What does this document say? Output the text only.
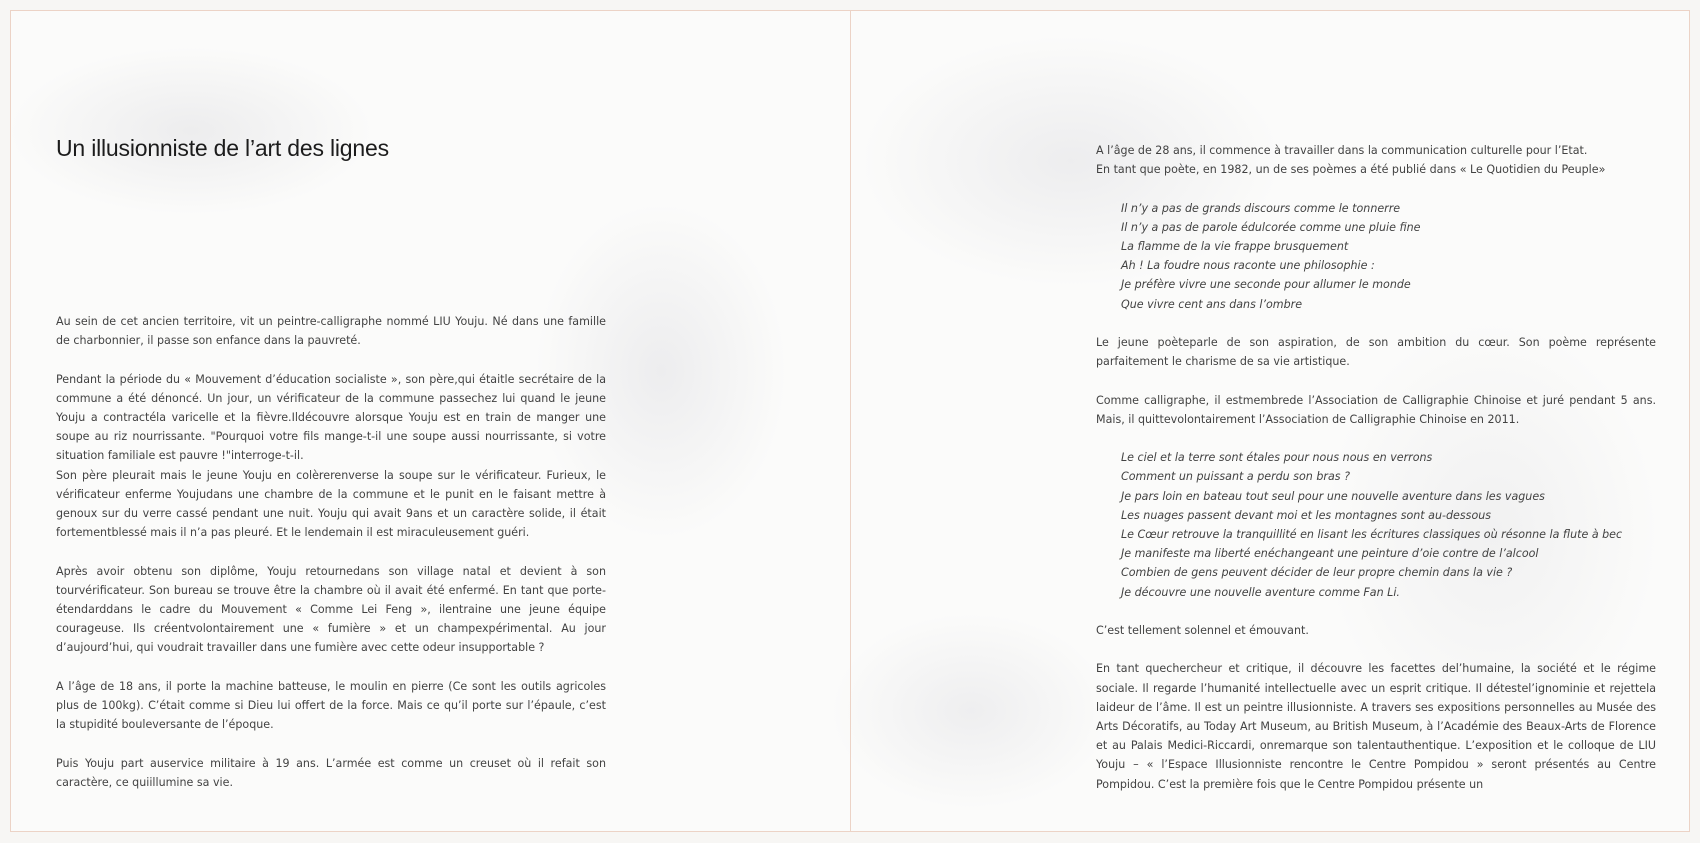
Un illusionniste de l’art des lignes

Au sein de cet ancien territoire, vit un peintre-calligraphe nommé LIU Youju. Né dans une famille de charbonnier, il passe son enfance dans la pauvreté.

Pendant la période du « Mouvement d’éducation socialiste », son père,qui étaitle secrétaire de la commune a été dénoncé. Un jour, un vérificateur de la commune passechez lui quand le jeune Youju a contractéla varicelle et la fièvre.Ildécouvre alorsque Youju est en train de manger une soupe au riz nourrissante. "Pourquoi votre fils mange-t-il une soupe aussi nourrissante, si votre situation familiale est pauvre !"interroge-t-il.

Son père pleurait mais le jeune Youju en colèrerenverse la soupe sur le vérificateur. Furieux, le vérificateur enferme Youjudans une chambre de la commune et le punit en le faisant mettre à genoux sur du verre cassé pendant une nuit. Youju qui avait 9ans et un caractère solide, il était fortementblessé mais il n’a pas pleuré. Et le lendemain il est miraculeusement guéri.

Après avoir obtenu son diplôme, Youju retournedans son village natal et devient à son tourvérificateur. Son bureau se trouve être la chambre où il avait été enfermé. En tant que porte-étendarddans le cadre du Mouvement « Comme Lei Feng », ilentraine une jeune équipe courageuse. Ils créentvolontairement une « fumière » et un champexpérimental. Au jour d’aujourd’hui, qui voudrait travailler dans une fumière avec cette odeur insupportable ?

A l’âge de 18 ans, il porte la machine batteuse, le moulin en pierre (Ce sont les outils agricoles plus de 100kg). C’était comme si Dieu lui offert de la force. Mais ce qu’il porte sur l’épaule, c’est la stupidité bouleversante de l’époque.

Puis Youju part auservice militaire à 19 ans. L’armée est comme un creuset où il refait son caractère, ce quiillumine sa vie.

A l’âge de 28 ans, il commence à travailler dans la communication culturelle pour l’Etat.
En tant que poète, en 1982, un de ses poèmes a été publié dans « Le Quotidien du Peuple»

Il n’y a pas de grands discours comme le tonnerre
Il n’y a pas de parole édulcorée comme une pluie fine
La flamme de la vie frappe brusquement
Ah ! La foudre nous raconte une philosophie :
Je préfère vivre une seconde pour allumer le monde
Que vivre cent ans dans l’ombre

Le jeune poèteparle de son aspiration, de son ambition du cœur. Son poème représente parfaitement le charisme de sa vie artistique.

Comme calligraphe, il estmembrede l’Association de Calligraphie Chinoise et juré pendant 5 ans. Mais, il quittevolontairement l’Association de Calligraphie Chinoise en 2011.

Le ciel et la terre sont étales pour nous nous en verrons
Comment un puissant a perdu son bras ?
Je pars loin en bateau tout seul pour une nouvelle aventure dans les vagues
Les nuages passent devant moi et les montagnes sont au-dessous
Le Cœur retrouve la tranquillité en lisant les écritures classiques où résonne la flute à bec
Je manifeste ma liberté enéchangeant une peinture d’oie contre de l’alcool
Combien de gens peuvent décider de leur propre chemin dans la vie ?
Je découvre une nouvelle aventure comme Fan Li.

C’est tellement solennel et émouvant.

En tant quechercheur et critique, il découvre les facettes del’humaine, la société et le régime sociale. Il regarde l’humanité intellectuelle avec un esprit critique. Il détestel’ignominie et rejettela laideur de l’âme. Il est un peintre illusionniste. A travers ses expositions personnelles au Musée des Arts Décoratifs, au Today Art Museum, au British Museum, à l’Académie des Beaux-Arts de Florence et au Palais Medici-Riccardi, onremarque son talentauthentique. L’exposition et le colloque de LIU Youju – « l’Espace Illusionniste rencontre le Centre Pompidou » seront présentés au Centre Pompidou. C’est la première fois que le Centre Pompidou présente un
